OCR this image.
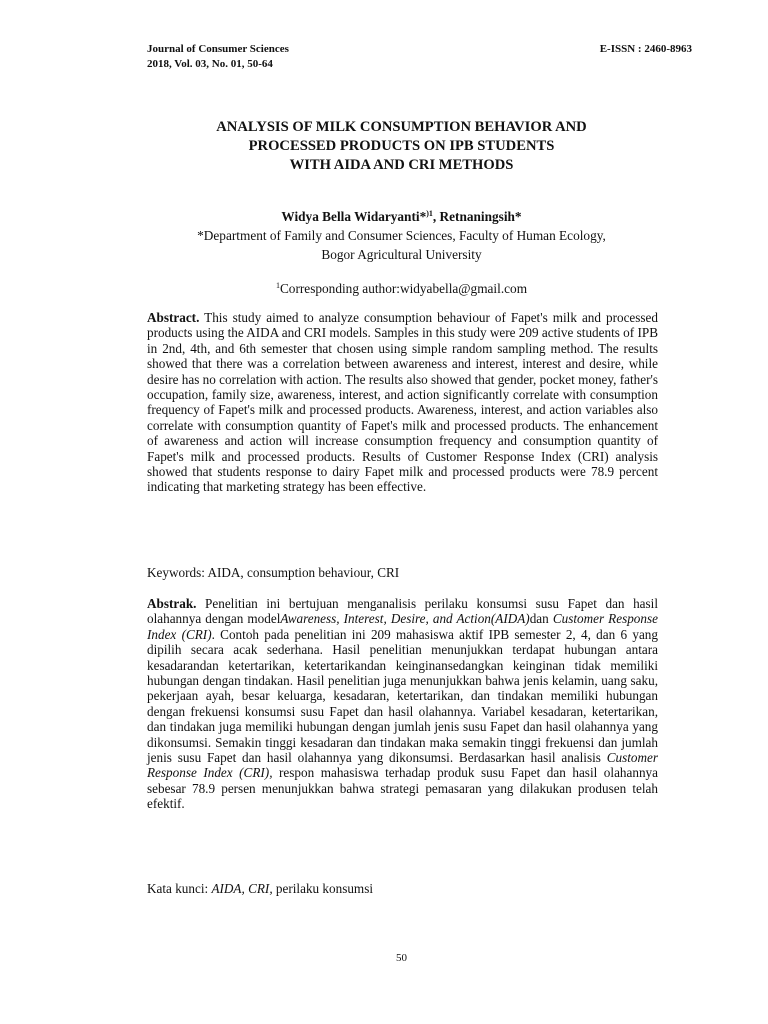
Journal of Consumer Sciences
2018, Vol. 03, No. 01, 50-64
E-ISSN : 2460-8963
ANALYSIS OF MILK CONSUMPTION BEHAVIOR AND
PROCESSED PRODUCTS ON IPB STUDENTS
WITH AIDA AND CRI METHODS
Widya Bella Widaryanti*$^{)1}$, Retnaningsih*
*Department of Family and Consumer Sciences, Faculty of Human Ecology,
Bogor Agricultural University
$^1$Corresponding author:widyabella@gmail.com
Abstract. This study aimed to analyze consumption behaviour of Fapet's milk and processed products using the AIDA and CRI models. Samples in this study were 209 active students of IPB in 2nd, 4th, and 6th semester that chosen using simple random sampling method. The results showed that there was a correlation between awareness and interest, interest and desire, while desire has no correlation with action. The results also showed that gender, pocket money, father's occupation, family size, awareness, interest, and action significantly correlate with consumption frequency of Fapet's milk and processed products. Awareness, interest, and action variables also correlate with consumption quantity of Fapet's milk and processed products. The enhancement of awareness and action will increase consumption frequency and consumption quantity of Fapet's milk and processed products. Results of Customer Response Index (CRI) analysis showed that students response to dairy Fapet milk and processed products were 78.9 percent indicating that marketing strategy has been effective.
Keywords: AIDA, consumption behaviour, CRI
Abstrak. Penelitian ini bertujuan menganalisis perilaku konsumsi susu Fapet dan hasil olahannya dengan modelAwareness, Interest, Desire, and Action(AIDA)dan Customer Response Index (CRI). Contoh pada penelitian ini 209 mahasiswa aktif IPB semester 2, 4, dan 6 yang dipilih secara acak sederhana. Hasil penelitian menunjukkan terdapat hubungan antara kesadarandan ketertarikan, ketertarikandan keinginansedangkan keinginan tidak memiliki hubungan dengan tindakan. Hasil penelitian juga menunjukkan bahwa jenis kelamin, uang saku, pekerjaan ayah, besar keluarga, kesadaran, ketertarikan, dan tindakan memiliki hubungan dengan frekuensi konsumsi susu Fapet dan hasil olahannya. Variabel kesadaran, ketertarikan, dan tindakan juga memiliki hubungan dengan jumlah jenis susu Fapet dan hasil olahannya yang dikonsumsi. Semakin tinggi kesadaran dan tindakan maka semakin tinggi frekuensi dan jumlah jenis susu Fapet dan hasil olahannya yang dikonsumsi. Berdasarkan hasil analisis Customer Response Index (CRI), respon mahasiswa terhadap produk susu Fapet dan hasil olahannya sebesar 78.9 persen menunjukkan bahwa strategi pemasaran yang dilakukan produsen telah efektif.
Kata kunci: AIDA, CRI, perilaku konsumsi
50
